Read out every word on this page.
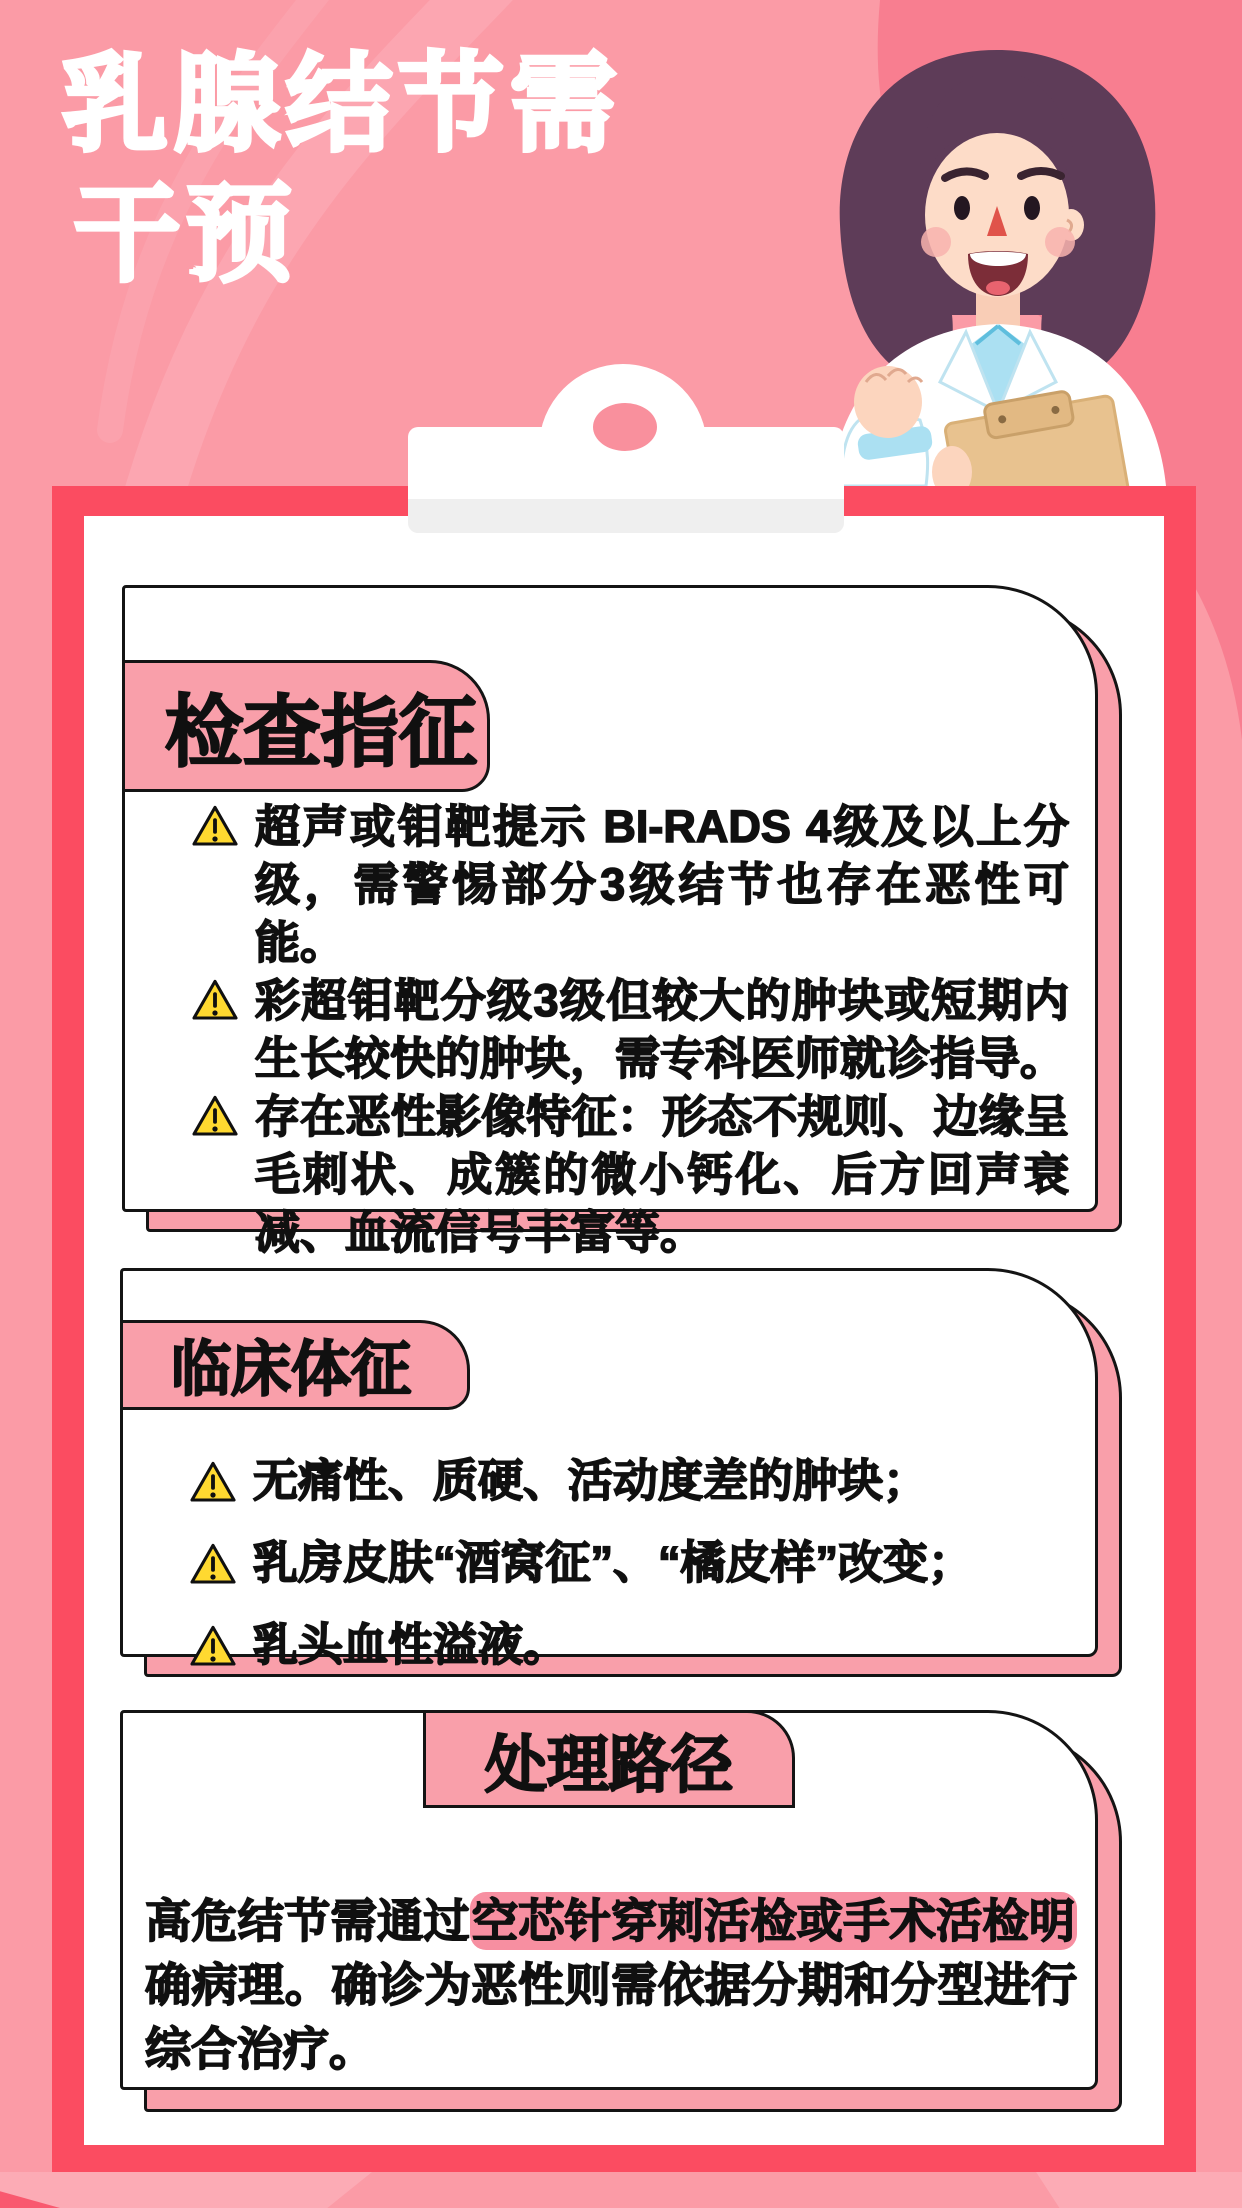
乳腺结节需
干预
检查指征
超声或钼靶提示 BI-RADS 4级及以上分级，需警惕部分3级结节也存在恶性可能。
彩超钼靶分级3级但较大的肿块或短期内生长较快的肿块，需专科医师就诊指导。
存在恶性影像特征：形态不规则、边缘呈毛刺状、成簇的微小钙化、后方回声衰减、血流信号丰富等。
临床体征
无痛性、质硬、活动度差的肿块；
乳房皮肤“酒窝征”、“橘皮样”改变；
乳头血性溢液。
处理路径
高危结节需通过空芯针穿刺活检或手术活检明确病理。确诊为恶性则需依据分期和分型进行综合治疗。
